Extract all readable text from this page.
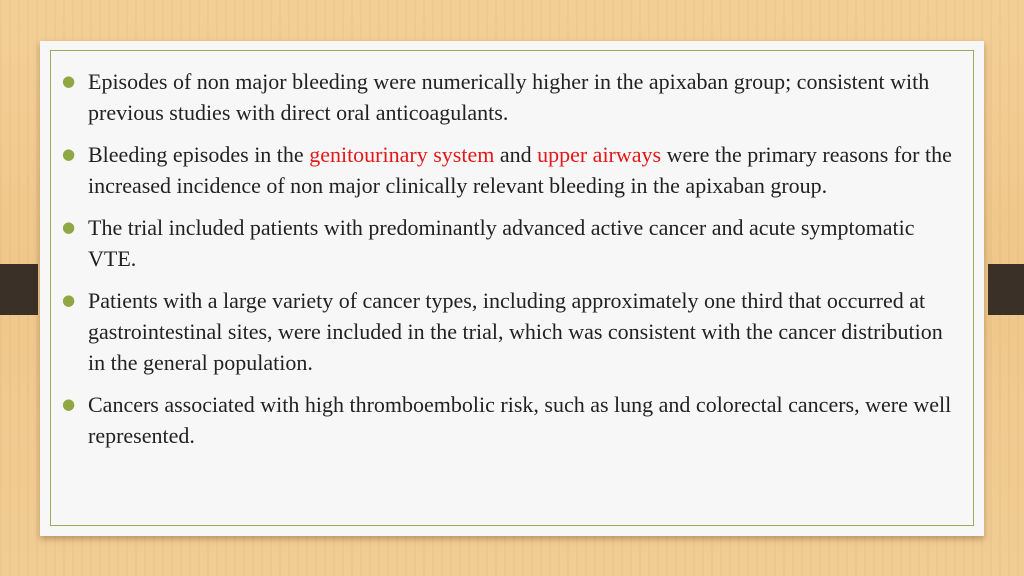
● Episodes of non major bleeding were numerically higher in the apixaban group; consistent with previous studies with direct oral anticoagulants.
● Bleeding episodes in the genitourinary system and upper airways were the primary reasons for the increased incidence of non major clinically relevant bleeding in the apixaban group.
● The trial included patients with predominantly advanced active cancer and acute symptomatic VTE.
● Patients with a large variety of cancer types, including approximately one third that occurred at gastrointestinal sites, were included in the trial, which was consistent with the cancer distribution in the general population.
● Cancers associated with high thromboembolic risk, such as lung and colorectal cancers, were well represented.
